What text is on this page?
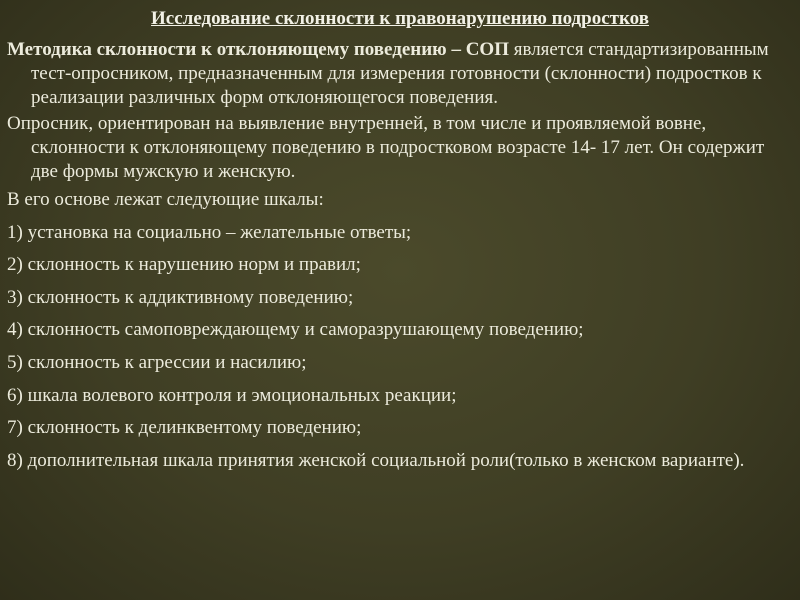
Исследование склонности к правонарушению подростков
Методика склонности к отклоняющему поведению – СОП является стандартизированным тест-опросником, предназначенным для измерения готовности (склонности) подростков к реализации различных форм отклоняющегося поведения.
Опросник, ориентирован на выявление внутренней, в том числе и проявляемой вовне, склонности к отклоняющему поведению в подростковом возрасте 14- 17 лет. Он содержит две формы мужскую и женскую.
В его основе лежат следующие шкалы:
1) установка на социально – желательные ответы;
2) склонность к нарушению норм и правил;
3) склонность к аддиктивному поведению;
4) склонность самоповреждающему и саморазрушающему поведению;
5) склонность к агрессии и насилию;
6) шкала волевого контроля и эмоциональных реакции;
7) склонность к делинквентому поведению;
8) дополнительная шкала принятия женской социальной роли(только в женском варианте).
